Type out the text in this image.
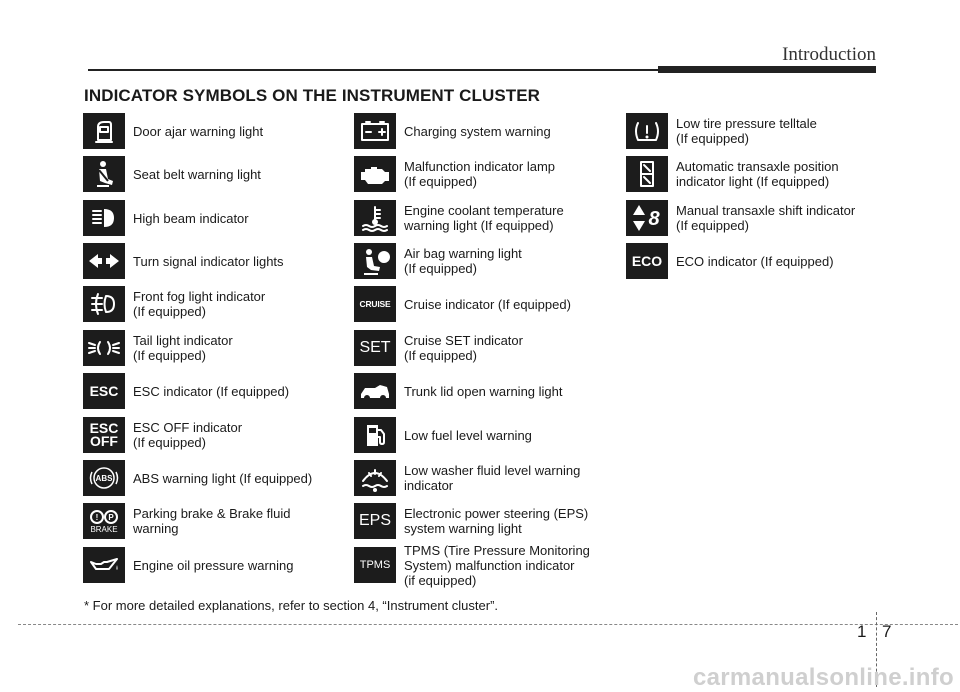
Introduction
INDICATOR SYMBOLS ON THE INSTRUMENT CLUSTER
Door ajar warning light
Seat belt warning light
High beam indicator
Turn signal indicator lights
Front fog light indicator
(If equipped)
Tail light indicator
(If equipped)
ESC ESC indicator (If equipped)
ESC
OFF
ESC OFF indicator
(If equipped)
ABS ABS warning light (If equipped)
! P
BRAKE
Parking brake & Brake fluid
warning
Engine oil pressure warning
Charging system warning
Malfunction indicator lamp
(If equipped)
Engine coolant temperature
warning light (If equipped)
Air bag warning light
(If equipped)
CRUISE Cruise indicator (If equipped)
SET Cruise SET indicator
(If equipped)
Trunk lid open warning light
Low fuel level warning
Low washer fluid level warning
indicator
EPS Electronic power steering (EPS)
system warning light
TPMS
TPMS (Tire Pressure Monitoring
System) malfunction indicator
(if equipped)
Low tire pressure telltale
(If equipped)
Automatic transaxle position
indicator light (If equipped)
8 Manual transaxle shift indicator
(If equipped)
ECO ECO indicator (If equipped)

* For more detailed explanations, refer to section 4, “Instrument cluster”.

1 7
carmanualsonline.info
